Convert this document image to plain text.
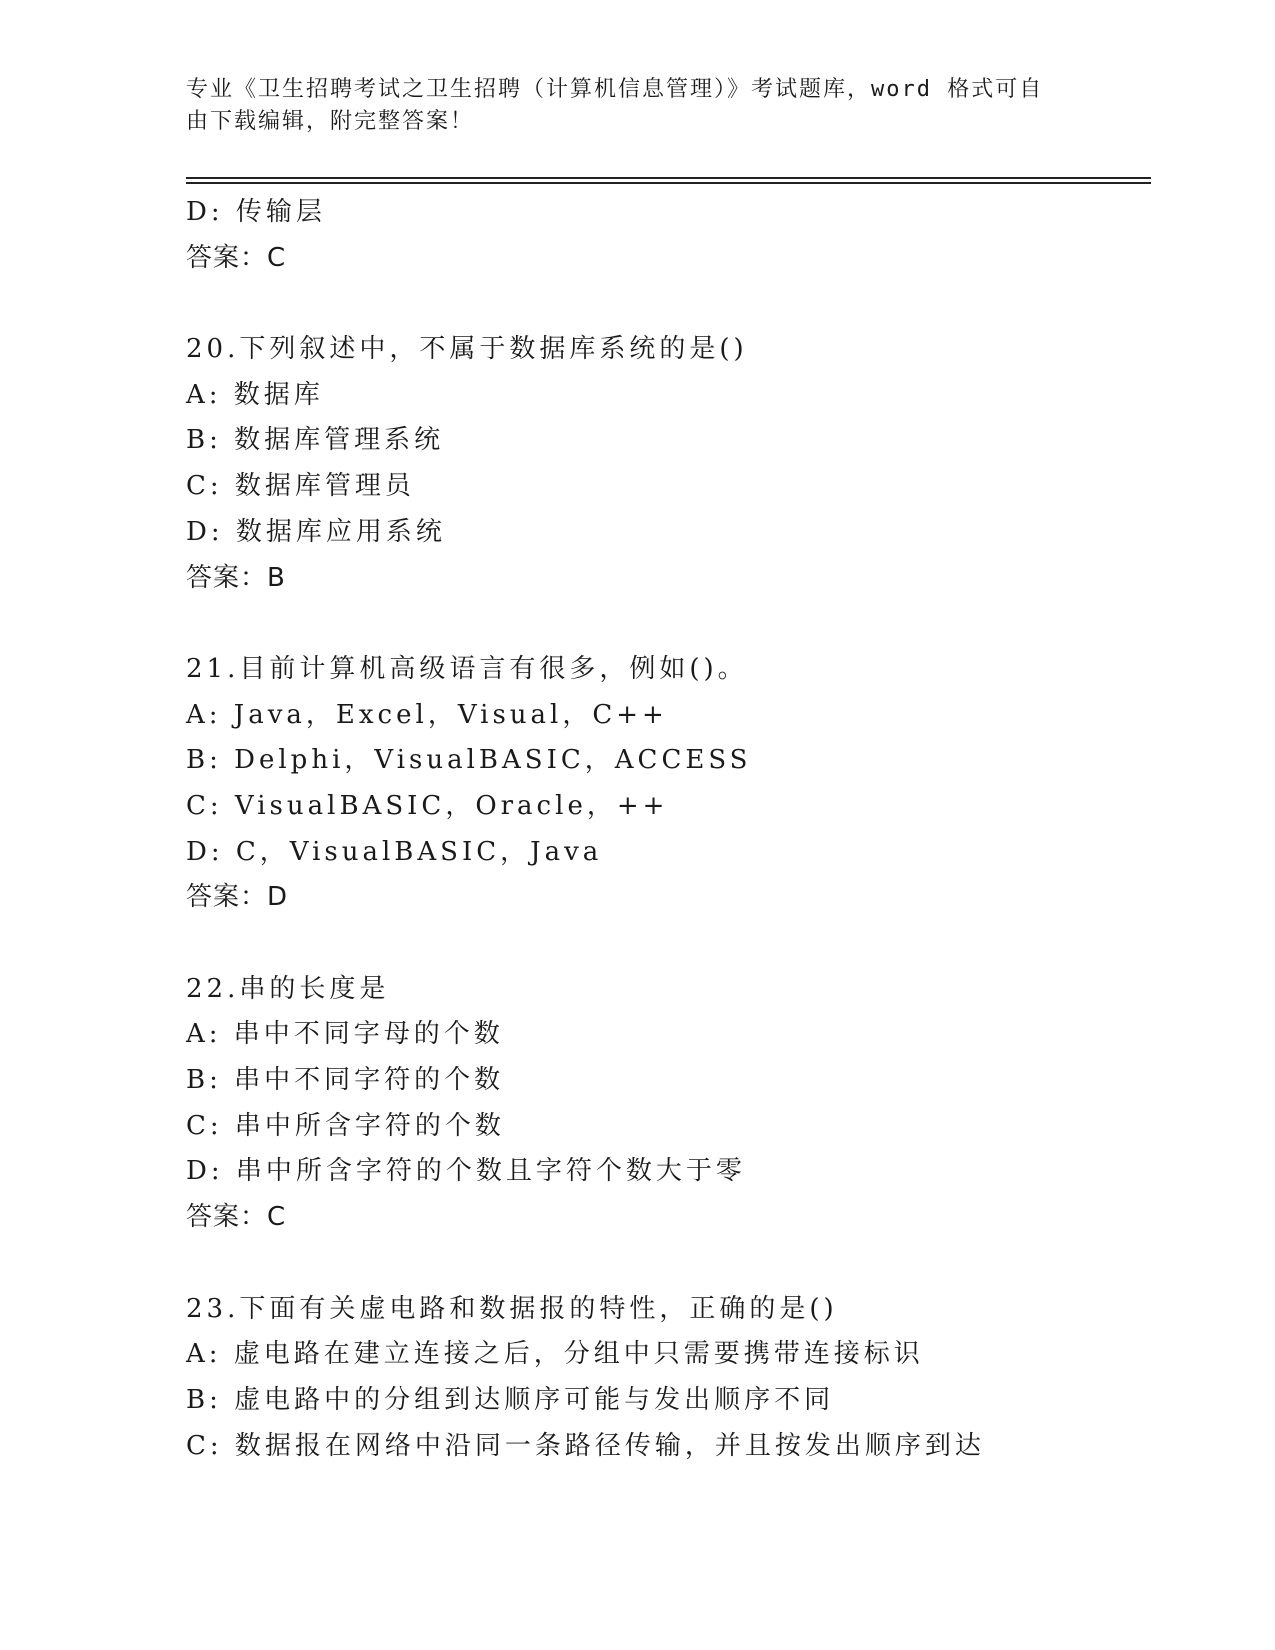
专业《卫生招聘考试之卫生招聘（计算机信息管理）》考试题库，word 格式可自
由下载编辑，附完整答案！
D: 传输层
答案：C
20.下列叙述中，不属于数据库系统的是()
A: 数据库
B: 数据库管理系统
C: 数据库管理员
D: 数据库应用系统
答案：B
21.目前计算机高级语言有很多，例如()。
A: Java，Excel，Visual，C++
B: Delphi，VisualBASIC，ACCESS
C: VisualBASIC，Oracle，++
D: C，VisualBASIC，Java
答案：D
22.串的长度是
A: 串中不同字母的个数
B: 串中不同字符的个数
C: 串中所含字符的个数
D: 串中所含字符的个数且字符个数大于零
答案：C
23.下面有关虚电路和数据报的特性，正确的是()
A: 虚电路在建立连接之后，分组中只需要携带连接标识
B: 虚电路中的分组到达顺序可能与发出顺序不同
C: 数据报在网络中沿同一条路径传输，并且按发出顺序到达
